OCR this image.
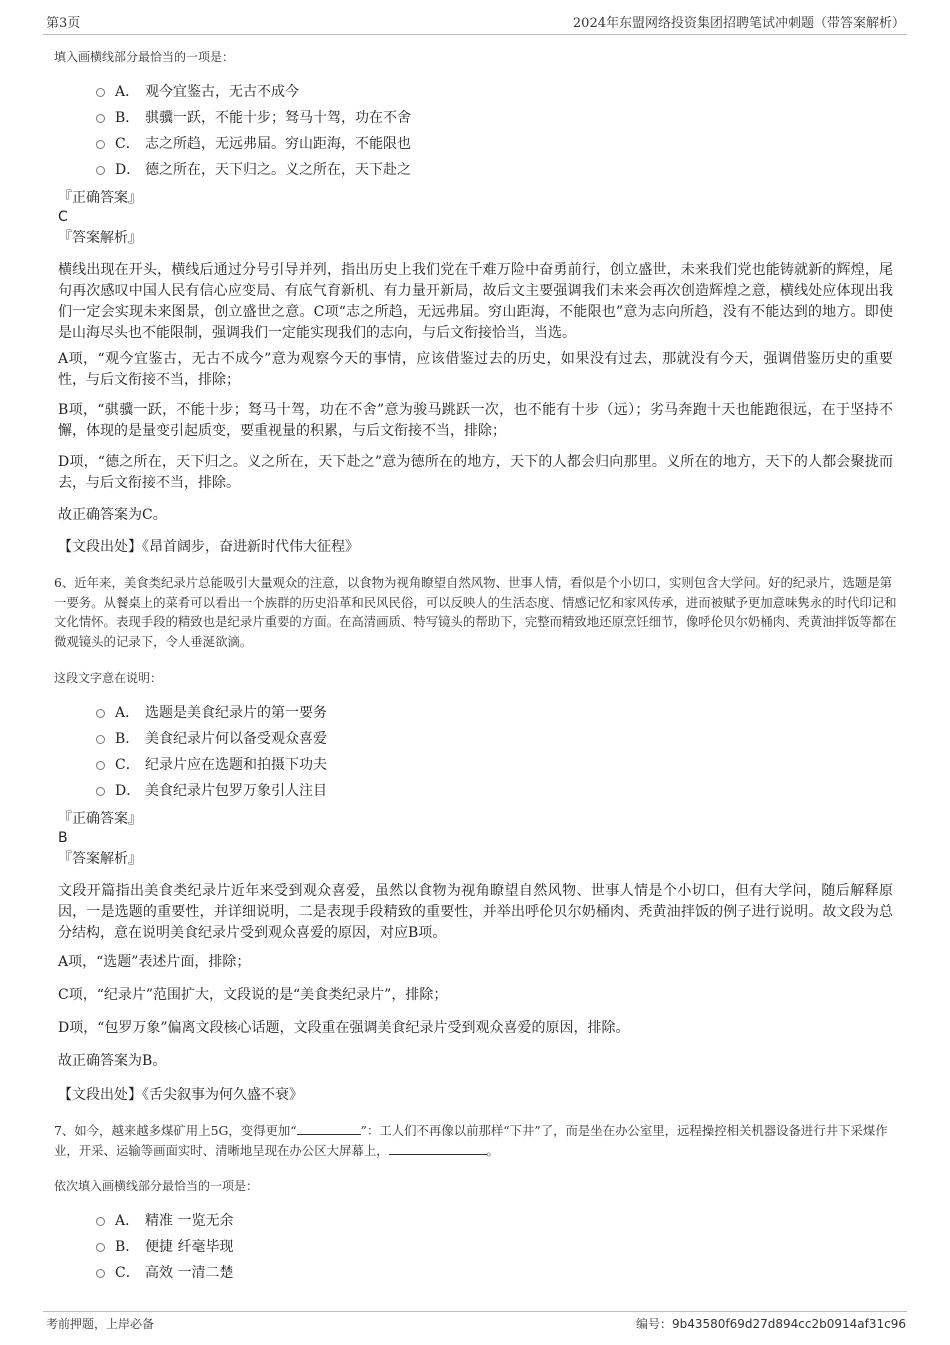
第3页	2024年东盟网络投资集团招聘笔试冲刺题（带答案解析）
填入画横线部分最恰当的一项是：
A． 观今宜鉴古，无古不成今
B． 骐骥一跃，不能十步；驽马十驾，功在不舍
C． 志之所趋，无远弗届。穷山距海，不能限也
D． 德之所在，天下归之。义之所在，天下赴之
『正确答案』
C
『答案解析』
横线出现在开头，横线后通过分号引导并列，指出历史上我们党在千难万险中奋勇前行，创立盛世，未来我们党也能铸就新的辉煌，尾句再次感叹中国人民有信心应变局、有底气育新机、有力量开新局，故后文主要强调我们未来会再次创造辉煌之意，横线处应体现出我们一定会实现未来图景，创立盛世之意。C项“志之所趋，无远弗届。穷山距海，不能限也”意为志向所趋，没有不能达到的地方。即使是山海尽头也不能限制，强调我们一定能实现我们的志向，与后文衔接恰当，当选。
A项，“观今宜鉴古，无古不成今”意为观察今天的事情，应该借鉴过去的历史，如果没有过去，那就没有今天，强调借鉴历史的重要性，与后文衔接不当，排除；
B项，“骐骥一跃，不能十步；驽马十驾，功在不舍”意为骏马跳跃一次，也不能有十步（远）；劣马奔跑十天也能跑很远，在于坚持不懈，体现的是量变引起质变，要重视量的积累，与后文衔接不当，排除；
D项，“德之所在，天下归之。义之所在，天下赴之”意为德所在的地方，天下的人都会归向那里。义所在的地方，天下的人都会聚拢而去，与后文衔接不当，排除。
故正确答案为C。
【文段出处】《昂首阔步，奋进新时代伟大征程》
6、近年来，美食类纪录片总能吸引大量观众的注意，以食物为视角瞭望自然风物、世事人情，看似是个小切口，实则包含大学问。好的纪录片，选题是第一要务。从餐桌上的菜肴可以看出一个族群的历史沿革和民风民俗，可以反映人的生活态度、情感记忆和家风传承，进而被赋予更加意味隽永的时代印记和文化情怀。表现手段的精致也是纪录片重要的方面。在高清画质、特写镜头的帮助下，完整而精致地还原烹饪细节，像呼伦贝尔奶桶肉、秃黄油拌饭等都在微观镜头的记录下，令人垂涎欲滴。
这段文字意在说明：
A． 选题是美食纪录片的第一要务
B． 美食纪录片何以备受观众喜爱
C． 纪录片应在选题和拍摄下功夫
D． 美食纪录片包罗万象引人注目
『正确答案』
B
『答案解析』
文段开篇指出美食类纪录片近年来受到观众喜爱，虽然以食物为视角瞭望自然风物、世事人情是个小切口，但有大学问，随后解释原因，一是选题的重要性，并详细说明，二是表现手段精致的重要性，并举出呼伦贝尔奶桶肉、秃黄油拌饭的例子进行说明。故文段为总分结构，意在说明美食纪录片受到观众喜爱的原因，对应B项。
A项，“选题”表述片面，排除；
C项，“纪录片”范围扩大，文段说的是“美食类纪录片”，排除；
D项，“包罗万象”偏离文段核心话题，文段重在强调美食纪录片受到观众喜爱的原因，排除。
故正确答案为B。
【文段出处】《舌尖叙事为何久盛不衰》
7、如今，越来越多煤矿用上5G，变得更加“	”：工人们不再像以前那样“下井”了，而是坐在办公室里，远程操控相关机器设备进行井下采煤作业，开采、运输等画面实时、清晰地呈现在办公区大屏幕上，	。
依次填入画横线部分最恰当的一项是：
A． 精准 一览无余
B． 便捷 纤毫毕现
C． 高效 一清二楚
考前押题，上岸必备	编号：9b43580f69d27d894cc2b0914af31c96
